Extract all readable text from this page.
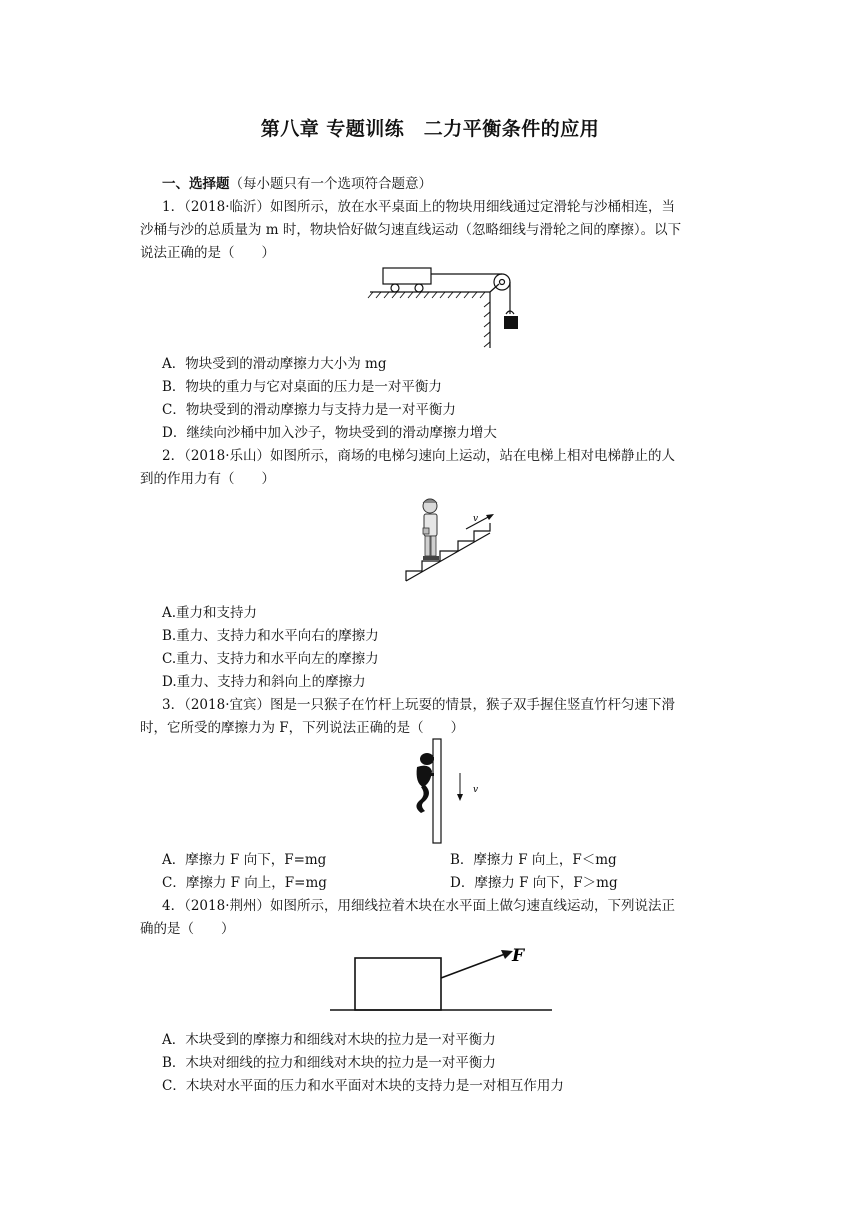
第八章 专题训练　二力平衡条件的应用
一、选择题（每小题只有一个选项符合题意）
1．（2018·临沂）如图所示，放在水平桌面上的物块用细线通过定滑轮与沙桶相连，当
沙桶与沙的总质量为 m 时，物块恰好做匀速直线运动（忽略细线与滑轮之间的摩擦）。以下
说法正确的是（　　）
A．物块受到的滑动摩擦力大小为 mg
B．物块的重力与它对桌面的压力是一对平衡力
C．物块受到的滑动摩擦力与支持力是一对平衡力
D．继续向沙桶中加入沙子，物块受到的滑动摩擦力增大
2．（2018·乐山）如图所示，商场的电梯匀速向上运动，站在电梯上相对电梯静止的人
到的作用力有（　　）
v
A.重力和支持力
B.重力、支持力和水平向右的摩擦力
C.重力、支持力和水平向左的摩擦力
D.重力、支持力和斜向上的摩擦力
3．（2018·宜宾）图是一只猴子在竹杆上玩耍的情景，猴子双手握住竖直竹杆匀速下滑
时，它所受的摩擦力为 F，下列说法正确的是（　　）
v
A．摩擦力 F 向下，F=mg	B．摩擦力 F 向上，F＜mg
C．摩擦力 F 向上，F=mg	D．摩擦力 F 向下，F＞mg
4．（2018·荆州）如图所示，用细线拉着木块在水平面上做匀速直线运动，下列说法正
确的是（　　）
F
A．木块受到的摩擦力和细线对木块的拉力是一对平衡力
B．木块对细线的拉力和细线对木块的拉力是一对平衡力
C．木块对水平面的压力和水平面对木块的支持力是一对相互作用力
